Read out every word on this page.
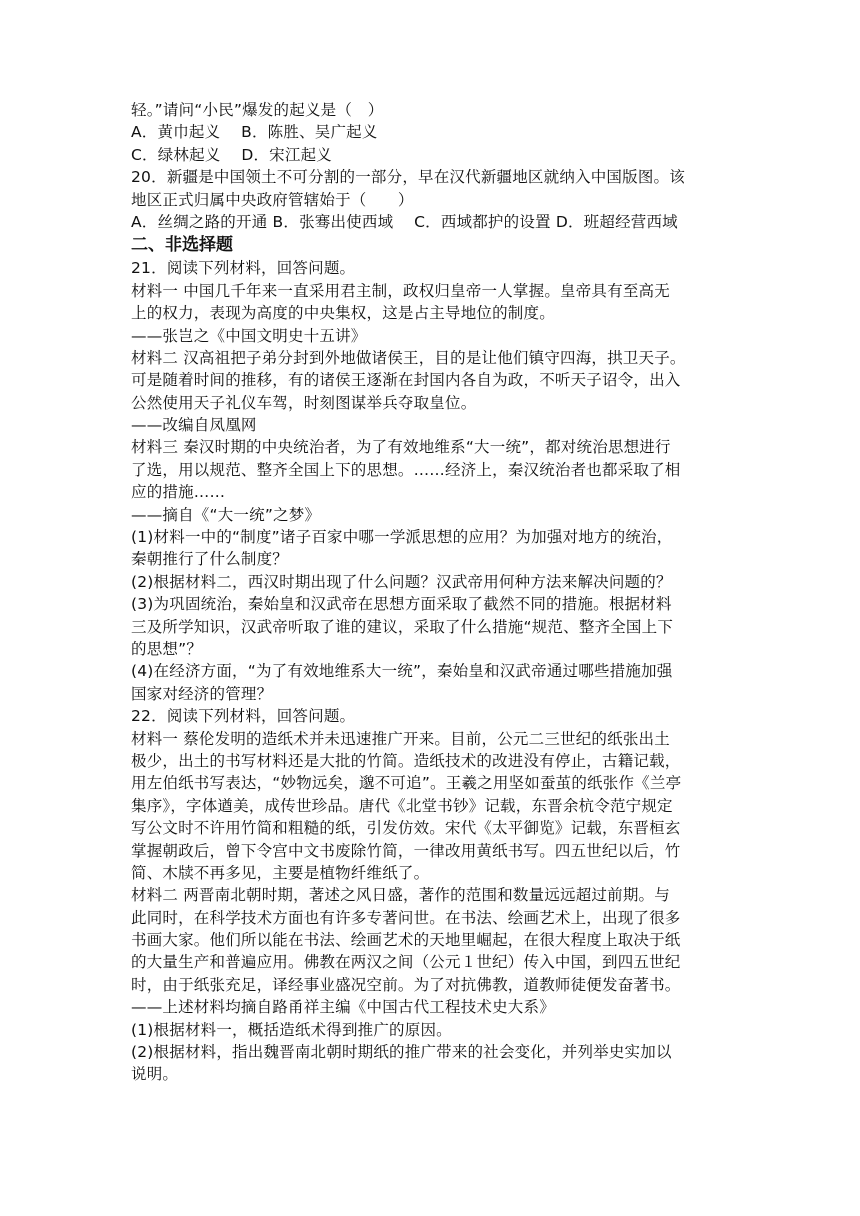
轻。”请问“小民”爆发的起义是（　）
A．黄巾起义　 B．陈胜、吴广起义
C．绿林起义　 D．宋江起义
20．新疆是中国领土不可分割的一部分，早在汉代新疆地区就纳入中国版图。该
地区正式归属中央政府管辖始于（　　）
A．丝绸之路的开通 B．张骞出使西域　 C．西域都护的设置 D．班超经营西域
二、非选择题
21．阅读下列材料，回答问题。
材料一 中国几千年来一直采用君主制，政权归皇帝一人掌握。皇帝具有至高无
上的权力，表现为高度的中央集权，这是占主导地位的制度。
——张岂之《中国文明史十五讲》
材料二 汉高祖把子弟分封到外地做诸侯王，目的是让他们镇守四海，拱卫天子。
可是随着时间的推移，有的诸侯王逐渐在封国内各自为政，不听天子诏令，出入
公然使用天子礼仪车驾，时刻图谋举兵夺取皇位。
——改编自凤凰网
材料三 秦汉时期的中央统治者，为了有效地维系“大一统”，都对统治思想进行
了选，用以规范、整齐全国上下的思想。……经济上，秦汉统治者也都采取了相
应的措施……
——摘自《“大一统”之梦》
(1)材料一中的“制度”诸子百家中哪一学派思想的应用？为加强对地方的统治，
秦朝推行了什么制度？
(2)根据材料二，西汉时期出现了什么问题？汉武帝用何种方法来解决问题的？
(3)为巩固统治，秦始皇和汉武帝在思想方面采取了截然不同的措施。根据材料
三及所学知识，汉武帝听取了谁的建议，采取了什么措施“规范、整齐全国上下
的思想”？
(4)在经济方面，“为了有效地维系大一统”，秦始皇和汉武帝通过哪些措施加强
国家对经济的管理？
22．阅读下列材料，回答问题。
材料一 蔡伦发明的造纸术并未迅速推广开来。目前，公元二三世纪的纸张出土
极少，出土的书写材料还是大批的竹简。造纸技术的改进没有停止，古籍记载，
用左伯纸书写表达，“妙物远矣，邈不可追”。王羲之用坚如蚕茧的纸张作《兰亭
集序》，字体遒美，成传世珍品。唐代《北堂书钞》记载，东晋余杭令范宁规定
写公文时不许用竹简和粗糙的纸，引发仿效。宋代《太平御览》记载，东晋桓玄
掌握朝政后，曾下令宫中文书废除竹简，一律改用黄纸书写。四五世纪以后，竹
简、木牍不再多见，主要是植物纤维纸了。
材料二 两晋南北朝时期，著述之风日盛，著作的范围和数量远远超过前期。与
此同时，在科学技术方面也有许多专著问世。在书法、绘画艺术上，出现了很多
书画大家。他们所以能在书法、绘画艺术的天地里崛起，在很大程度上取决于纸
的大量生产和普遍应用。佛教在两汉之间（公元１世纪）传入中国，到四五世纪
时，由于纸张充足，译经事业盛况空前。为了对抗佛教，道教师徒便发奋著书。
——上述材料均摘自路甬祥主编《中国古代工程技术史大系》
(1)根据材料一，概括造纸术得到推广的原因。
(2)根据材料，指出魏晋南北朝时期纸的推广带来的社会变化，并列举史实加以
说明。
